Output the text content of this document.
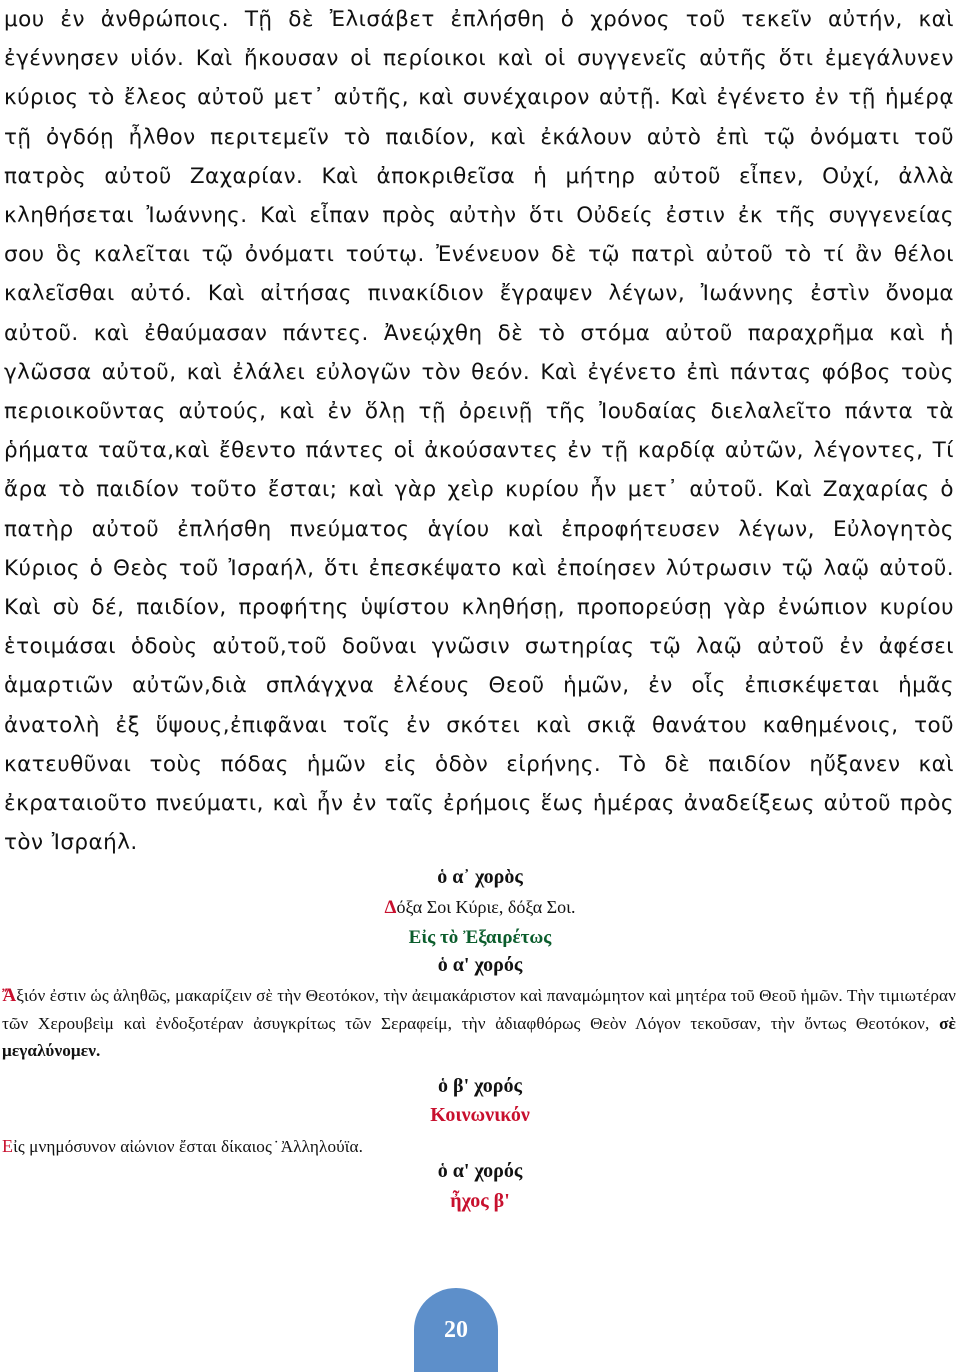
μου ἐν ἀνθρώποις. Τῇ δὲ Ἐλισάβετ ἐπλήσθη ὁ χρόνος τοῦ τεκεῖν αὐτήν, καὶ ἐγέννησεν υἱόν. Καὶ ἤκουσαν οἱ περίοικοι καὶ οἱ συγγενεῖς αὐτῆς ὅτι ἐμεγάλυνεν κύριος τὸ ἔλεος αὐτοῦ μετ᾽ αὐτῆς, καὶ συνέχαιρον αὐτῇ. Καὶ ἐγένετο ἐν τῇ ἡμέρᾳ τῇ ὀγδόῃ ἦλθον περιτεμεῖν τὸ παιδίον, καὶ ἐκάλουν αὐτὸ ἐπὶ τῷ ὀνόματι τοῦ πατρὸς αὐτοῦ Ζαχαρίαν. Καὶ ἀποκριθεῖσα ἡ μήτηρ αὐτοῦ εἶπεν, Οὐχί, ἀλλὰ κληθήσεται Ἰωάννης. Καὶ εἶπαν πρὸς αὐτὴν ὅτι Οὐδείς ἐστιν ἐκ τῆς συγγενείας σου ὃς καλεῖται τῷ ὀνόματι τούτῳ. Ἐνένευον δὲ τῷ πατρὶ αὐτοῦ τὸ τί ἂν θέλοι καλεῖσθαι αὐτό. Καὶ αἰτήσας πινακίδιον ἔγραψεν λέγων, Ἰωάννης ἐστὶν ὄνομα αὐτοῦ. καὶ ἐθαύμασαν πάντες. Ἀνεῴχθη δὲ τὸ στόμα αὐτοῦ παραχρῆμα καὶ ἡ γλῶσσα αὐτοῦ, καὶ ἐλάλει εὐλογῶν τὸν θεόν. Καὶ ἐγένετο ἐπὶ πάντας φόβος τοὺς περιοικοῦντας αὐτούς, καὶ ἐν ὅλῃ τῇ ὀρεινῇ τῆς Ἰουδαίας διελαλεῖτο πάντα τὰ ῥήματα ταῦτα,καὶ ἔθεντο πάντες οἱ ἀκούσαντες ἐν τῇ καρδίᾳ αὐτῶν, λέγοντες, Τί ἄρα τὸ παιδίον τοῦτο ἔσται; καὶ γὰρ χεὶρ κυρίου ἦν μετ᾽ αὐτοῦ. Καὶ Ζαχαρίας ὁ πατὴρ αὐτοῦ ἐπλήσθη πνεύματος ἁγίου καὶ ἐπροφήτευσεν λέγων, Εὐλογητὸς Κύριος ὁ Θεὸς τοῦ Ἰσραήλ, ὅτι ἐπεσκέψατο καὶ ἐποίησεν λύτρωσιν τῷ λαῷ αὐτοῦ. Καὶ σὺ δέ, παιδίον, προφήτης ὑψίστου κληθήσῃ, προπορεύσῃ γὰρ ἐνώπιον κυρίου ἑτοιμάσαι ὁδοὺς αὐτοῦ,τοῦ δοῦναι γνῶσιν σωτηρίας τῷ λαῷ αὐτοῦ ἐν ἀφέσει ἁμαρτιῶν αὐτῶν,διὰ σπλάγχνα ἐλέους Θεοῦ ἡμῶν, ἐν οἷς ἐπισκέψεται ἡμᾶς ἀνατολὴ ἐξ ὕψους,ἐπιφᾶναι τοῖς ἐν σκότει καὶ σκιᾷ θανάτου καθημένοις, τοῦ κατευθῦναι τοὺς πόδας ἡμῶν εἰς ὁδὸν εἰρήνης. Τὸ δὲ παιδίον ηὔξανεν καὶ ἐκραταιοῦτο πνεύματι, καὶ ἦν ἐν ταῖς ἐρήμοις ἕως ἡμέρας ἀναδείξεως αὐτοῦ πρὸς τὸν Ἰσραήλ.

ὁ α᾽ χορὸς

Δόξα Σοι Κύριε, δόξα Σοι.

Εἰς τὸ Ἐξαιρέτως

ὁ α' χορός

Ἄξιόν ἐστιν ὡς ἀληθῶς, μακαρίζειν σὲ τὴν Θεοτόκον, τὴν ἀειμακάριστον καὶ παναμώμητον καὶ μητέρα τοῦ Θεοῦ ἡμῶν. Τὴν τιμιωτέραν τῶν Χερουβεὶμ καὶ ἐνδοξοτέραν ἀσυγκρίτως τῶν Σεραφείμ, τὴν ἀδιαφθόρως Θεὸν Λόγον τεκοῦσαν, τὴν ὄντως Θεοτόκον, σὲ μεγαλύνομεν.

ὁ β' χορός

Κοινωνικόν

Εἰς μνημόσυνον αἰώνιον ἔσται δίκαιος ̇ Ἀλληλούϊα.

ὁ α' χορός

ἦχος β'

20
